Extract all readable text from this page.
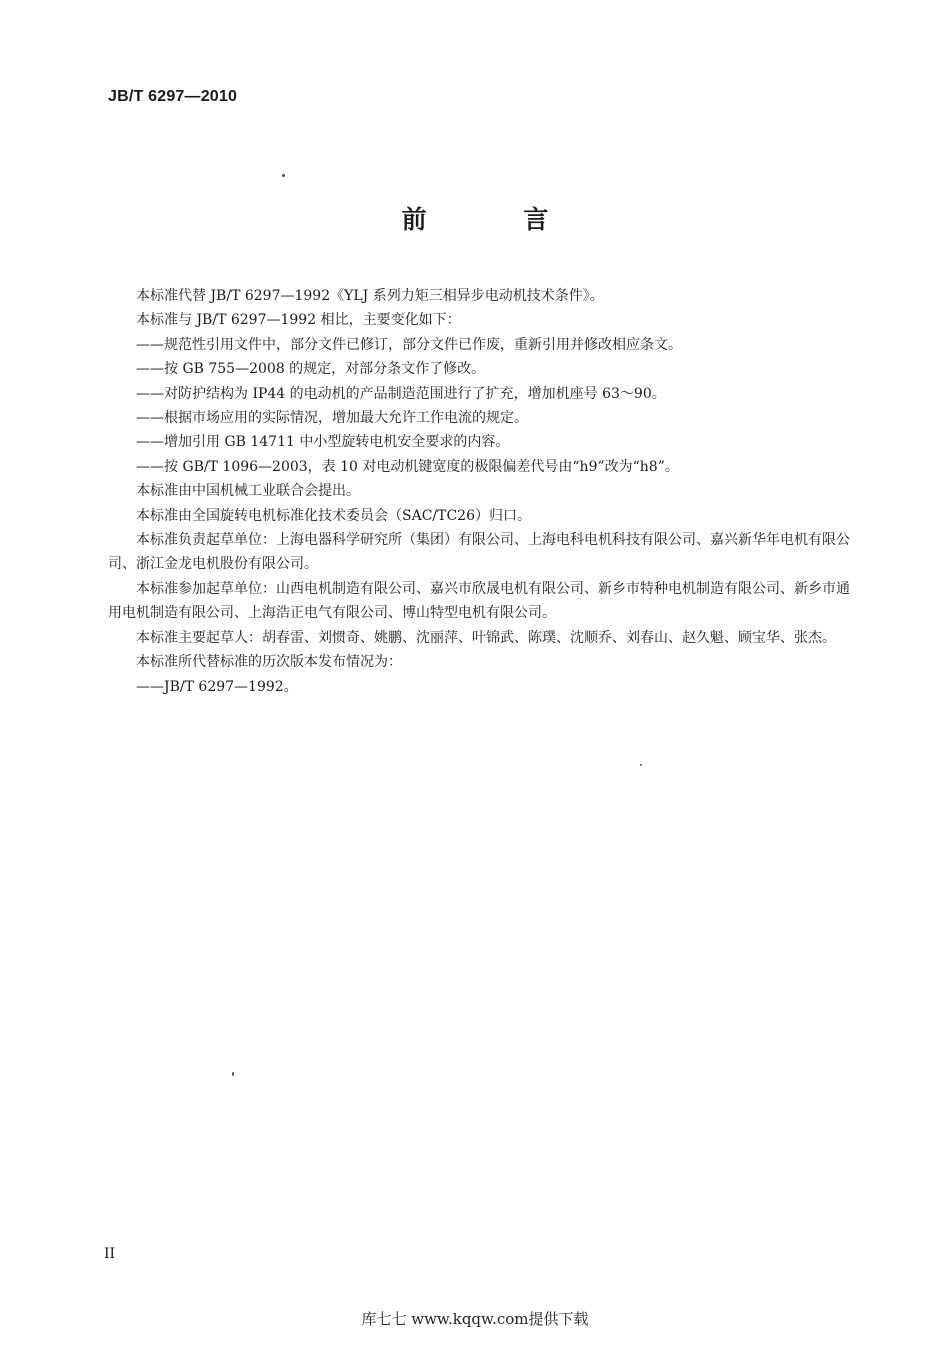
JB/T 6297—2010
前 言

本标准代替 JB/T 6297—1992《YLJ 系列力矩三相异步电动机技术条件》。

本标准与 JB/T 6297—1992 相比，主要变化如下：

——规范性引用文件中，部分文件已修订，部分文件已作废，重新引用并修改相应条文。

——按 GB 755—2008 的规定，对部分条文作了修改。

——对防护结构为 IP44 的电动机的产品制造范围进行了扩充，增加机座号 63～90。

——根据市场应用的实际情况，增加最大允许工作电流的规定。

——增加引用 GB 14711 中小型旋转电机安全要求的内容。

——按 GB/T 1096—2003，表 10 对电动机键宽度的极限偏差代号由“h9”改为“h8”。

本标准由中国机械工业联合会提出。

本标准由全国旋转电机标准化技术委员会（SAC/TC26）归口。

本标准负责起草单位：上海电器科学研究所（集团）有限公司、上海电科电机科技有限公司、嘉兴新华年电机有限公司、浙江金龙电机股份有限公司。

本标准参加起草单位：山西电机制造有限公司、嘉兴市欣晟电机有限公司、新乡市特种电机制造有限公司、新乡市通用电机制造有限公司、上海浩正电气有限公司、博山特型电机有限公司。

本标准主要起草人：胡春雷、刘惯奇、姚鹏、沈丽萍、叶锦武、陈璞、沈顺乔、刘春山、赵久魁、顾宝华、张杰。

本标准所代替标准的历次版本发布情况为：

——JB/T 6297—1992。

II
库七七 www.kqqw.com提供下载
